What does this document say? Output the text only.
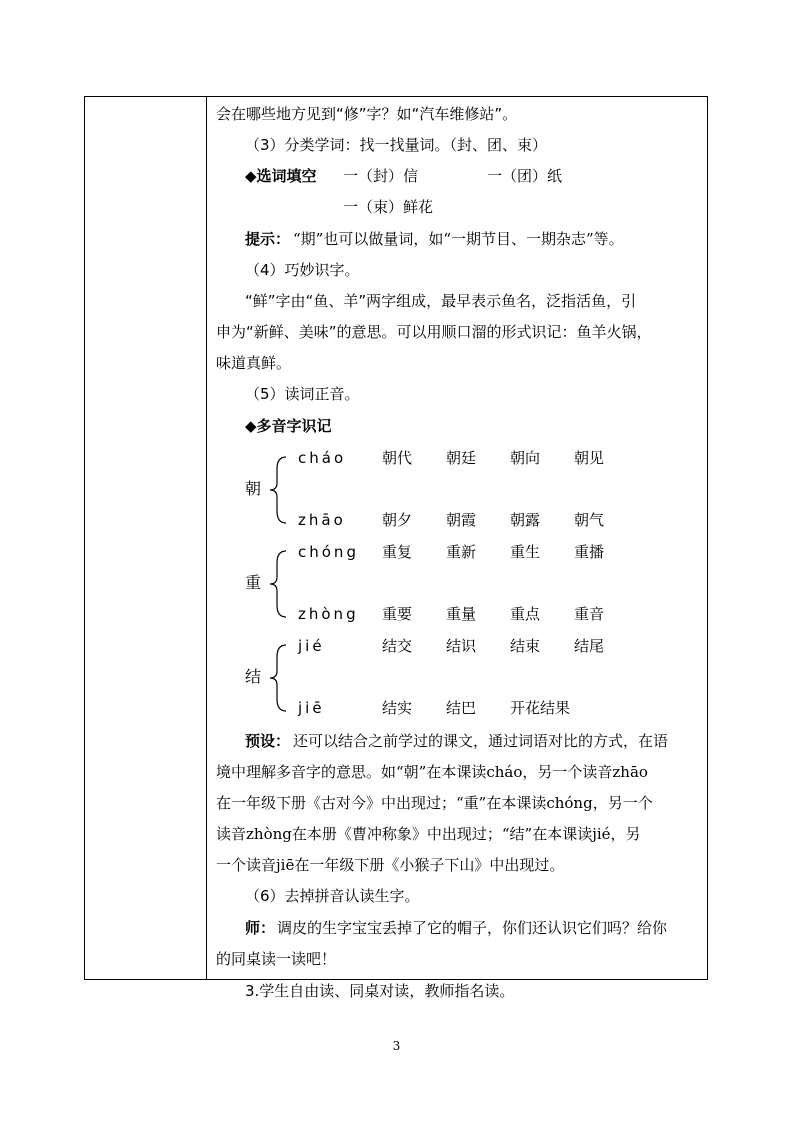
会在哪些地方见到“修”字？如“汽车维修站”。
（3）分类学词：找一找量词。（封、团、束）
◆选词填空 一（封）信	一（团）纸
一（束）鲜花
提示： “期”也可以做量词，如“一期节目、一期杂志”等。
（4）巧妙识字。
“鲜”字由“鱼、羊”两字组成，最早表示鱼名，泛指活鱼，引
申为“新鲜、美味”的意思。可以用顺口溜的形式识记：鱼羊火锅，
味道真鲜。
（5）读词正音。
◆多音字识记
朝
cháo 朝代 朝廷 朝向 朝见
zhāo 朝夕 朝霞 朝露 朝气
重
chóng 重复 重新 重生 重播
zhòng 重要 重量 重点 重音
结
jié	结交 结识 结束 结尾
jiē	结实 结巴 开花结果
预设： 还可以结合之前学过的课文，通过词语对比的方式，在语
境中理解多音字的意思。如“朝”在本课读cháo，另一个读音zhāo
在一年级下册《古对今》中出现过；“重”在本课读chóng，另一个
读音zhòng在本册《曹冲称象》中出现过；“结”在本课读jié，另
一个读音jiē在一年级下册《小猴子下山》中出现过。
（6）去掉拼音认读生字。
师： 调皮的生字宝宝丢掉了它的帽子，你们还认识它们吗？给你
的同桌读一读吧！
3.学生自由读、同桌对读，教师指名读。
3
